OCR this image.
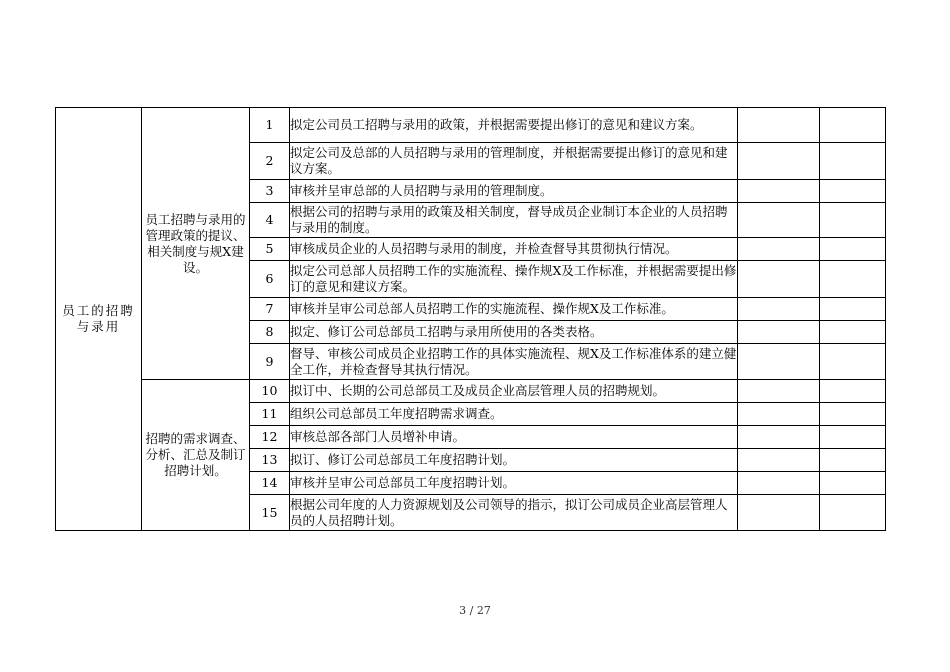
员工的招聘与录用	员工招聘与录用的管理政策的提议、相关制度与规X建设。	1	拟定公司员工招聘与录用的政策，并根据需要提出修订的意见和建议方案。		
		2	拟定公司及总部的人员招聘与录用的管理制度，并根据需要提出修订的意见和建议方案。		
		3	审核并呈审总部的人员招聘与录用的管理制度。		
		4	根据公司的招聘与录用的政策及相关制度，督导成员企业制订本企业的人员招聘与录用的制度。		
		5	审核成员企业的人员招聘与录用的制度，并检查督导其贯彻执行情况。		
		6	拟定公司总部人员招聘工作的实施流程、操作规X及工作标准，并根据需要提出修订的意见和建议方案。		
		7	审核并呈审公司总部人员招聘工作的实施流程、操作规X及工作标准。		
		8	拟定、修订公司总部员工招聘与录用所使用的各类表格。		
		9	督导、审核公司成员企业招聘工作的具体实施流程、规X及工作标准体系的建立健全工作，并检查督导其执行情况。		
	招聘的需求调查、分析、汇总及制订招聘计划。	10	拟订中、长期的公司总部员工及成员企业高层管理人员的招聘规划。		
		11	组织公司总部员工年度招聘需求调查。		
		12	审核总部各部门人员增补申请。		
		13	拟订、修订公司总部员工年度招聘计划。		
		14	审核并呈审公司总部员工年度招聘计划。		
		15	根据公司年度的人力资源规划及公司领导的指示，拟订公司成员企业高层管理人员的人员招聘计划。		
3 / 27
